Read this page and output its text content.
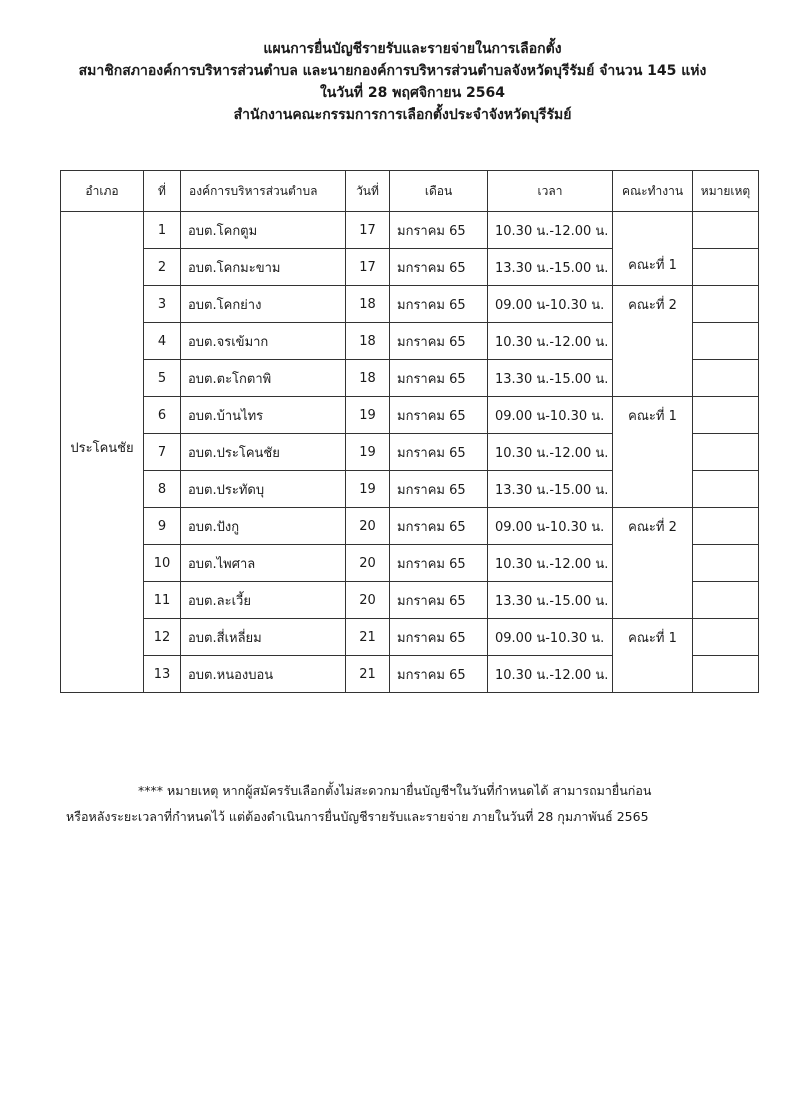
แผนการยื่นบัญชีรายรับและรายจ่ายในการเลือกตั้ง
สมาชิกสภาองค์การบริหารส่วนตำบล และนายกองค์การบริหารส่วนตำบลจังหวัดบุรีรัมย์ จำนวน 145 แห่ง
ในวันที่ 28 พฤศจิกายน 2564
สำนักงานคณะกรรมการการเลือกตั้งประจำจังหวัดบุรีรัมย์
อำเภอ	ที่	องค์การบริหารส่วนตำบล	วันที่	เดือน	เวลา	คณะทำงาน	หมายเหตุ
ประโคนชัย	1	อบต.โคกตูม	17	มกราคม 65	10.30 น.-12.00 น.	คณะที่ 1	
	2	อบต.โคกมะขาม	17	มกราคม 65	13.30 น.-15.00 น.		
	3	อบต.โคกย่าง	18	มกราคม 65	09.00 น-10.30 น.	คณะที่ 2	
	4	อบต.จรเข้มาก	18	มกราคม 65	10.30 น.-12.00 น.		
	5	อบต.ตะโกตาพิ	18	มกราคม 65	13.30 น.-15.00 น.		
	6	อบต.บ้านไทร	19	มกราคม 65	09.00 น-10.30 น.	คณะที่ 1	
	7	อบต.ประโคนชัย	19	มกราคม 65	10.30 น.-12.00 น.		
	8	อบต.ประทัดบุ	19	มกราคม 65	13.30 น.-15.00 น.		
	9	อบต.ปังกู	20	มกราคม 65	09.00 น-10.30 น.	คณะที่ 2	
	10	อบต.ไพศาล	20	มกราคม 65	10.30 น.-12.00 น.		
	11	อบต.ละเวี้ย	20	มกราคม 65	13.30 น.-15.00 น.		
	12	อบต.สี่เหลี่ยม	21	มกราคม 65	09.00 น-10.30 น.	คณะที่ 1	
	13	อบต.หนองบอน	21	มกราคม 65	10.30 น.-12.00 น.		
**** หมายเหตุ หากผู้สมัครรับเลือกตั้งไม่สะดวกมายื่นบัญชีฯในวันที่กำหนดได้ สามารถมายื่นก่อน
หรือหลังระยะเวลาที่กำหนดไว้ แต่ต้องดำเนินการยื่นบัญชีรายรับและรายจ่าย ภายในวันที่ 28 กุมภาพันธ์ 2565
